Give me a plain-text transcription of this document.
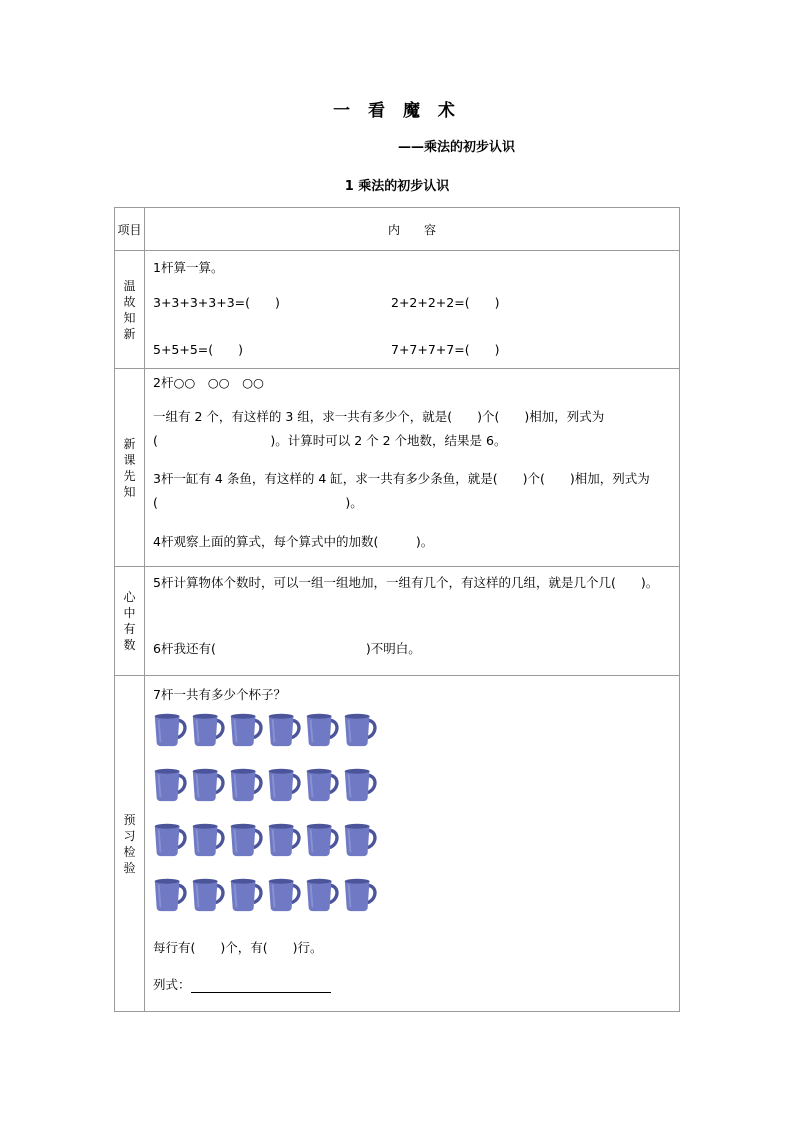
一 看 魔 术
——乘法的初步认识
1 乘法的初步认识
项目	内　　容
温故知新	1杆算一算。
3+3+3+3+3=(　　) 2+2+2+2=(　　)
5+5+5=(　　) 7+7+7+7=(　　)

新课先知	2杆○○　○○　○○
一组有 2 个，有这样的 3 组，求一共有多少个，就是(　　)个(　　)相加，列式为(　　　　　　　　　)。计算时可以 2 个 2 个地数，结果是 6。
3杆一缸有 4 条鱼，有这样的 4 缸，求一共有多少条鱼，就是(　　)个(　　)相加，列式为(　　　　　　　　　　　　　　　)。
4杆观察上面的算式，每个算式中的加数(　　　)。

心中有数	5杆计算物体个数时，可以一组一组地加，一组有几个，有这样的几组，就是几个几(　　)。
6杆我还有(　　　　　　　　　　　　)不明白。

预习检验	7杆一共有多少个杯子？
每行有(　　)个，有(　　)行。
列式：
